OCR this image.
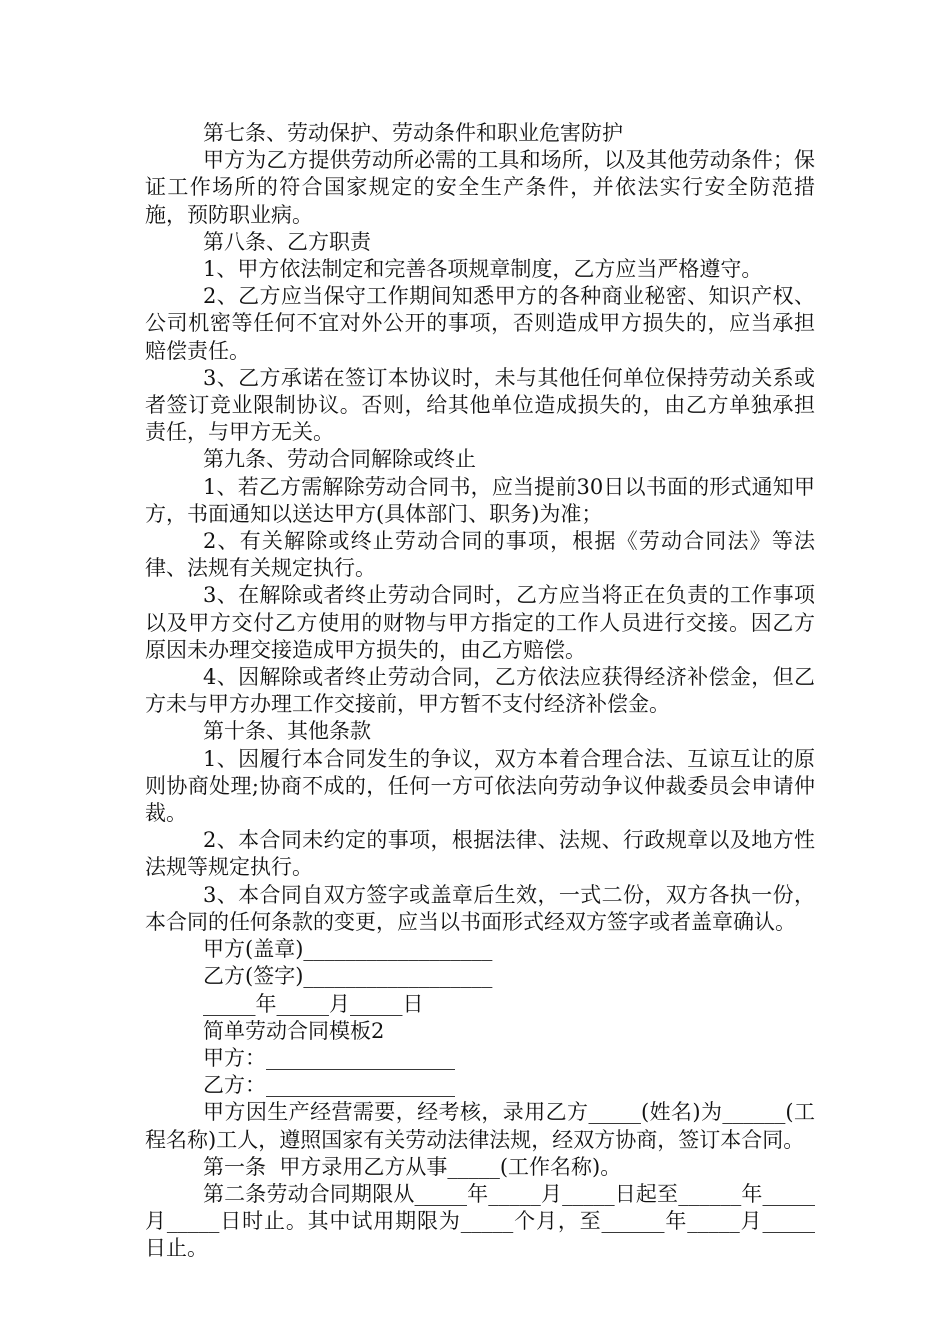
第七条、劳动保护、劳动条件和职业危害防护

甲方为乙方提供劳动所必需的工具和场所，以及其他劳动条件；保证工作场所的符合国家规定的安全生产条件，并依法实行安全防范措施，预防职业病。

第八条、乙方职责

1、甲方依法制定和完善各项规章制度，乙方应当严格遵守。

2、乙方应当保守工作期间知悉甲方的各种商业秘密、知识产权、公司机密等任何不宜对外公开的事项，否则造成甲方损失的，应当承担赔偿责任。

3、乙方承诺在签订本协议时，未与其他任何单位保持劳动关系或者签订竞业限制协议。否则，给其他单位造成损失的，由乙方单独承担责任，与甲方无关。

第九条、劳动合同解除或终止

1、若乙方需解除劳动合同书，应当提前30日以书面的形式通知甲方，书面通知以送达甲方(具体部门、职务)为准；

2、有关解除或终止劳动合同的事项，根据《劳动合同法》等法律、法规有关规定执行。

3、在解除或者终止劳动合同时，乙方应当将正在负责的工作事项以及甲方交付乙方使用的财物与甲方指定的工作人员进行交接。因乙方原因未办理交接造成甲方损失的，由乙方赔偿。

4、因解除或者终止劳动合同，乙方依法应获得经济补偿金，但乙方未与甲方办理工作交接前，甲方暂不支付经济补偿金。

第十条、其他条款

1、因履行本合同发生的争议，双方本着合理合法、互谅互让的原则协商处理;协商不成的，任何一方可依法向劳动争议仲裁委员会申请仲裁。

2、本合同未约定的事项，根据法律、法规、行政规章以及地方性法规等规定执行。

3、本合同自双方签字或盖章后生效，一式二份，双方各执一份，本合同的任何条款的变更，应当以书面形式经双方签字或者盖章确认。

甲方(盖章)__________________

乙方(签字)__________________

_____年_____月_____日

简单劳动合同模板2

甲方：__________________

乙方：__________________

甲方因生产经营需要，经考核，录用乙方_____(姓名)为______(工程名称)工人，遵照国家有关劳动法律法规，经双方协商，签订本合同。

第一条  甲方录用乙方从事_____(工作名称)。

第二条劳动合同期限从_____年_____月_____日起至______年_____月_____日时止。其中试用期限为_____个月，至______年_____月_____日止。
